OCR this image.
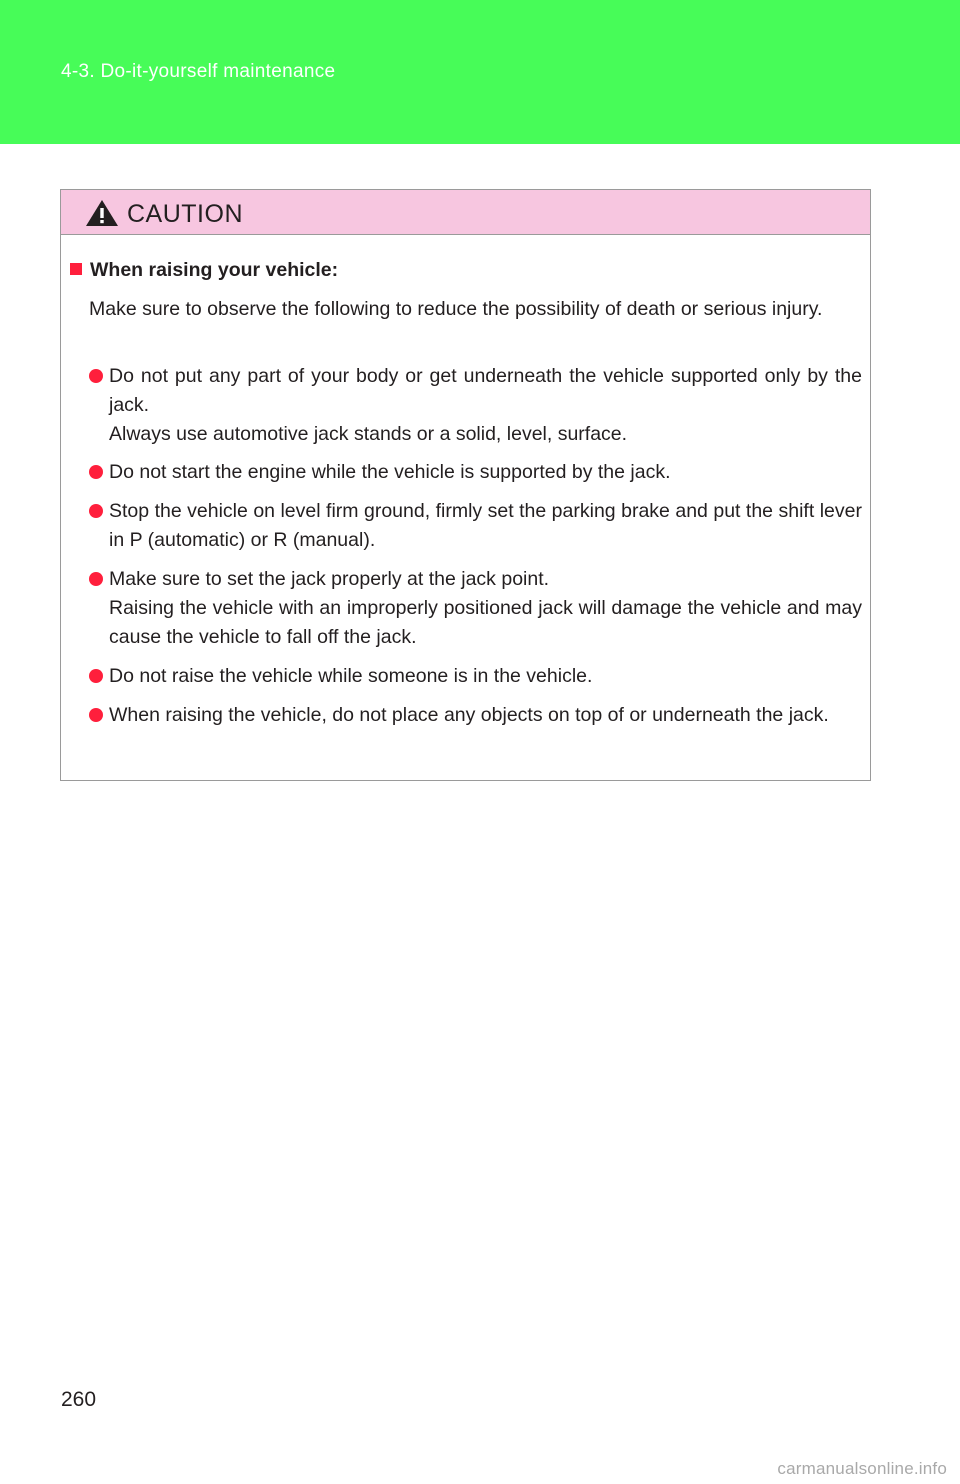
4-3. Do-it-yourself maintenance
CAUTION
When raising your vehicle:

Make sure to observe the following to reduce the possibility of death or serious injury.

Do not put any part of your body or get underneath the vehicle supported only by the jack.
Always use automotive jack stands or a solid, level, surface.
Do not start the engine while the vehicle is supported by the jack.
Stop the vehicle on level firm ground, firmly set the parking brake and put the shift lever in P (automatic) or R (manual).
Make sure to set the jack properly at the jack point.
Raising the vehicle with an improperly positioned jack will damage the vehicle and may cause the vehicle to fall off the jack.
Do not raise the vehicle while someone is in the vehicle.
When raising the vehicle, do not place any objects on top of or underneath the jack.
260
carmanualsonline.info
